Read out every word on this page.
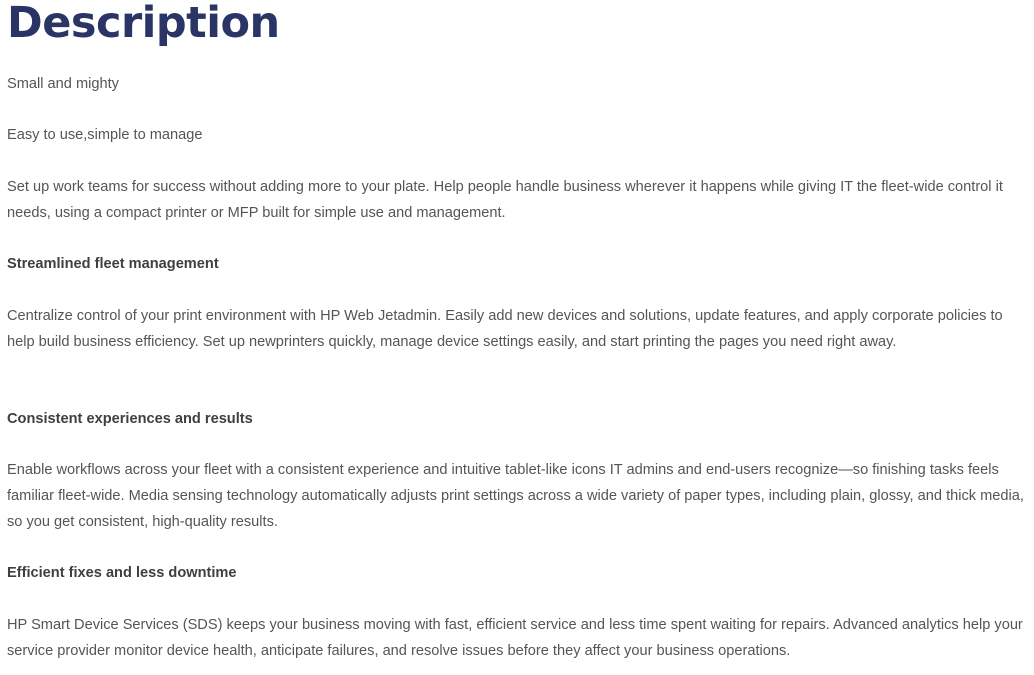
Description

Small and mighty

Easy to use,simple to manage

Set up work teams for success without adding more to your plate. Help people handle business wherever it happens while giving IT the fleet-wide control it needs, using a compact printer or MFP built for simple use and management.

Streamlined fleet management

Centralize control of your print environment with HP Web Jetadmin. Easily add new devices and solutions, update features, and apply corporate policies to help build business efficiency. Set up newprinters quickly, manage device settings easily, and start printing the pages you need right away.

Consistent experiences and results

Enable workflows across your fleet with a consistent experience and intuitive tablet-like icons IT admins and end-users recognize—so finishing tasks feels familiar fleet-wide. Media sensing technology automatically adjusts print settings across a wide variety of paper types, including plain, glossy, and thick media, so you get consistent, high-quality results.

Efficient fixes and less downtime

HP Smart Device Services (SDS) keeps your business moving with fast, efficient service and less time spent waiting for repairs. Advanced analytics help your service provider monitor device health, anticipate failures, and resolve issues before they affect your business operations.
